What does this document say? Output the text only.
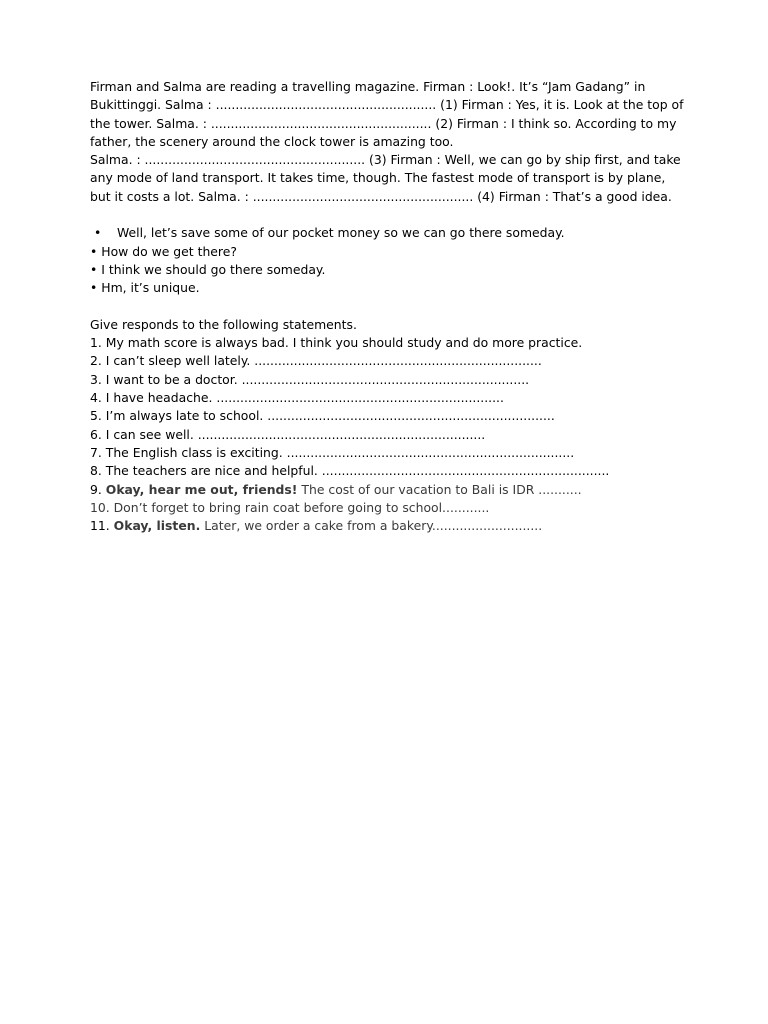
Firman and Salma are reading a travelling magazine. Firman : Look!. It’s “Jam Gadang” in

Bukittinggi. Salma : ........................................................ (1) Firman : Yes, it is. Look at the top of

the tower. Salma. : ........................................................ (2) Firman : I think so. According to my

father, the scenery around the clock tower is amazing too.

Salma. : ........................................................ (3) Firman : Well, we can go by ship first, and take

any mode of land transport. It takes time, though. The fastest mode of transport is by plane,

but it costs a lot. Salma. : ........................................................ (4) Firman : That’s a good idea.

• Well, let’s save some of our pocket money so we can go there someday.
• How do we get there?
• I think we should go there someday.
• Hm, it’s unique.
Give responds to the following statements.
1. My math score is always bad. I think you should study and do more practice.
2. I can’t sleep well lately. .........................................................................
3. I want to be a doctor. .........................................................................
4. I have headache. .........................................................................
5. I’m always late to school. .........................................................................
6. I can see well. .........................................................................
7. The English class is exciting. .........................................................................
8. The teachers are nice and helpful. .........................................................................
9. Okay, hear me out, friends! The cost of our vacation to Bali is IDR ...........
10. Don’t forget to bring rain coat before going to school............
11. Okay, listen. Later, we order a cake from a bakery............................
